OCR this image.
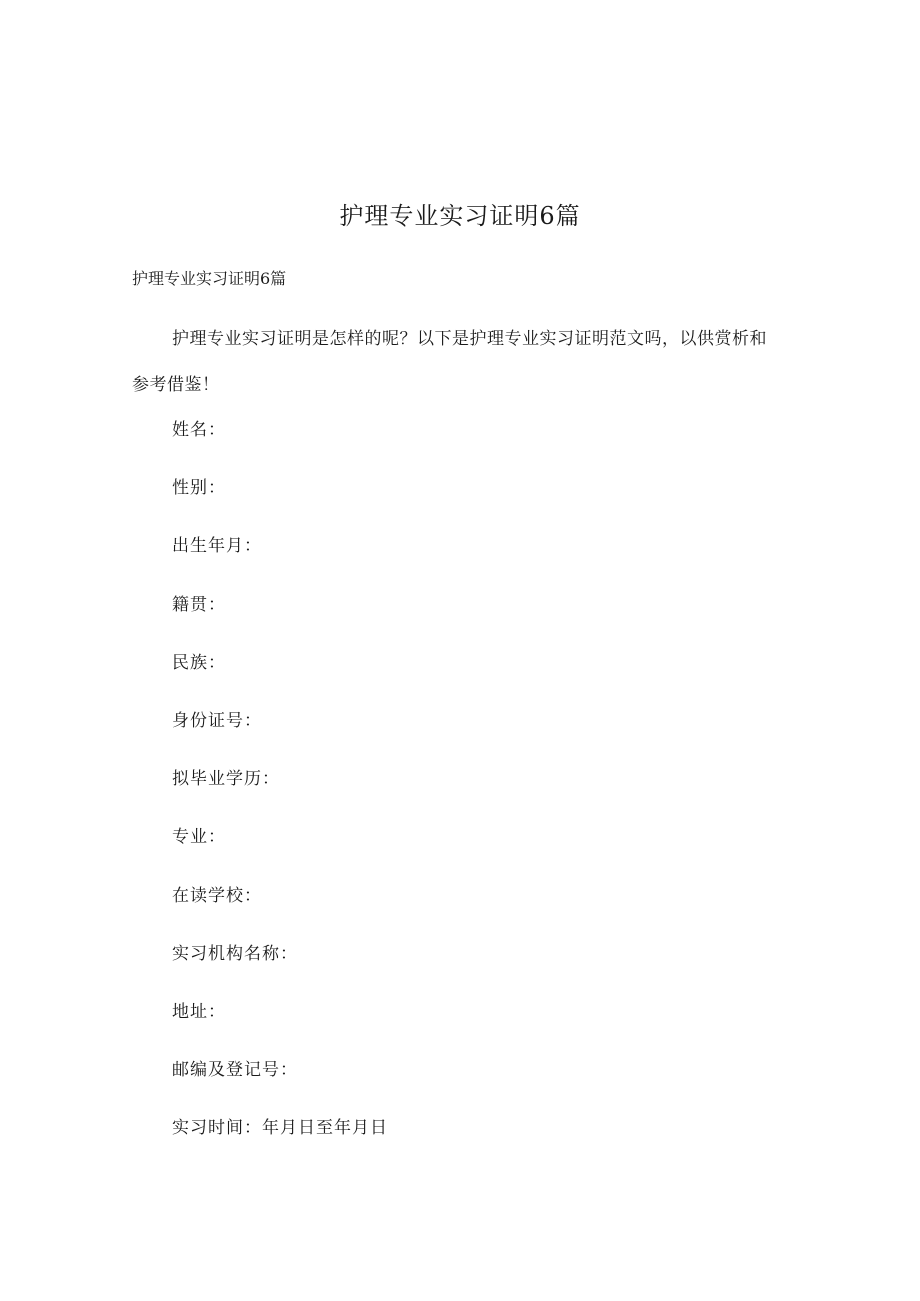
护理专业实习证明6篇

护理专业实习证明6篇

护理专业实习证明是怎样的呢？以下是护理专业实习证明范文吗，以供赏析和参考借鉴！

姓名：
性别：
出生年月：
籍贯：
民族：
身份证号：
拟毕业学历：
专业：
在读学校：
实习机构名称：
地址：
邮编及登记号：
实习时间：年月日至年月日
